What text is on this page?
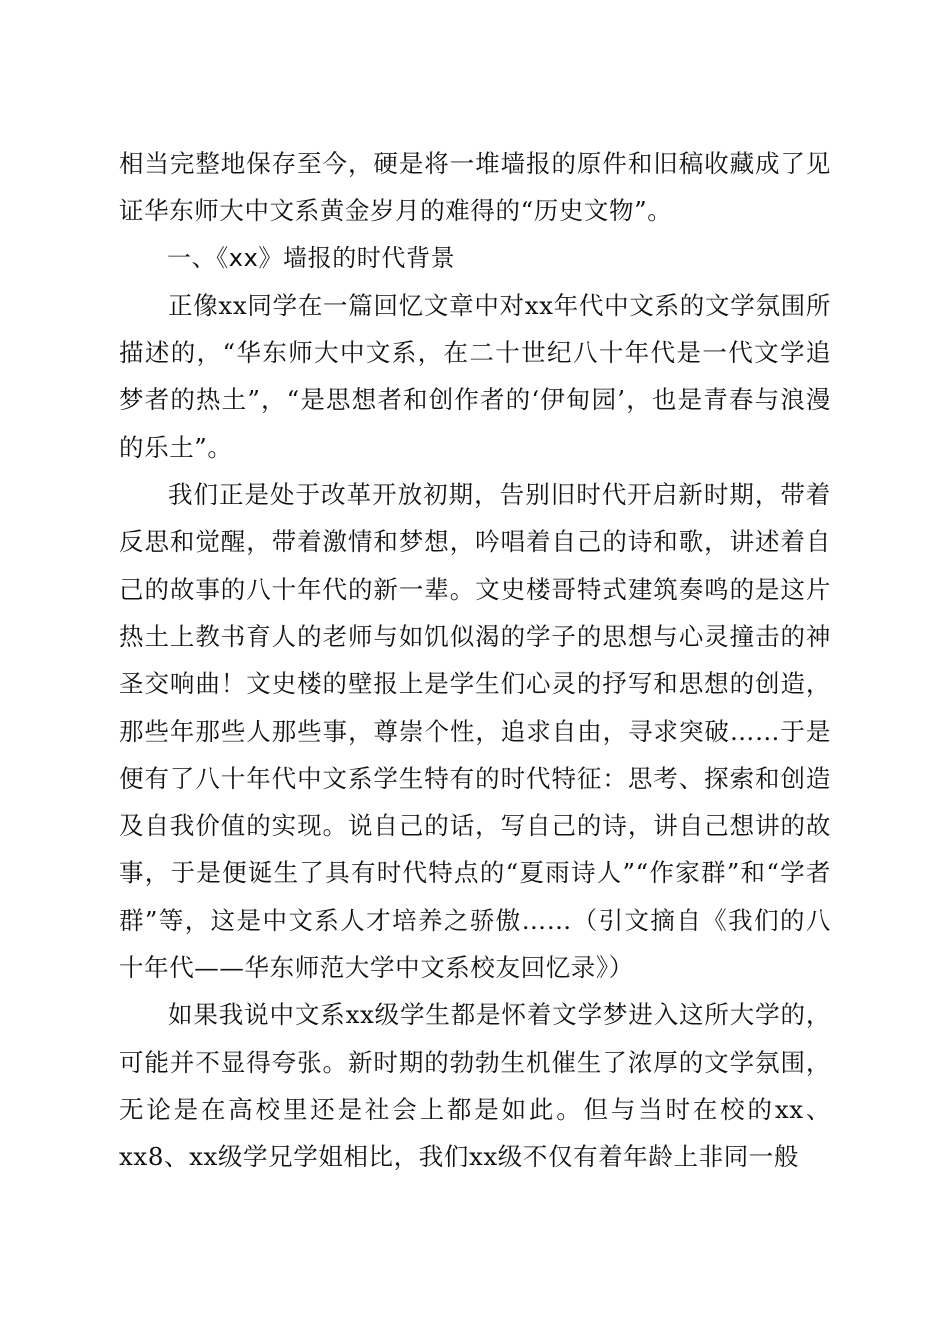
相当完整地保存至今，硬是将一堆墙报的原件和旧稿收藏成了见证华东师大中文系黄金岁月的难得的“历史文物”。

一、《xx》墙报的时代背景

正像xx同学在一篇回忆文章中对xx年代中文系的文学氛围所描述的，“华东师大中文系，在二十世纪八十年代是一代文学追梦者的热土”，“是思想者和创作者的‘伊甸园’，也是青春与浪漫的乐土”。

我们正是处于改革开放初期，告别旧时代开启新时期，带着反思和觉醒，带着激情和梦想，吟唱着自己的诗和歌，讲述着自己的故事的八十年代的新一辈。文史楼哥特式建筑奏鸣的是这片热土上教书育人的老师与如饥似渴的学子的思想与心灵撞击的神圣交响曲！文史楼的壁报上是学生们心灵的抒写和思想的创造，那些年那些人那些事，尊崇个性，追求自由，寻求突破……于是便有了八十年代中文系学生特有的时代特征：思考、探索和创造及自我价值的实现。说自己的话，写自己的诗，讲自己想讲的故事，于是便诞生了具有时代特点的“夏雨诗人”“作家群”和“学者群”等，这是中文系人才培养之骄傲……（引文摘自《我们的八十年代——华东师范大学中文系校友回忆录》）

如果我说中文系xx级学生都是怀着文学梦进入这所大学的，可能并不显得夸张。新时期的勃勃生机催生了浓厚的文学氛围，无论是在高校里还是社会上都是如此。但与当时在校的xx、xx8、xx级学兄学姐相比，我们xx级不仅有着年龄上非同一般
